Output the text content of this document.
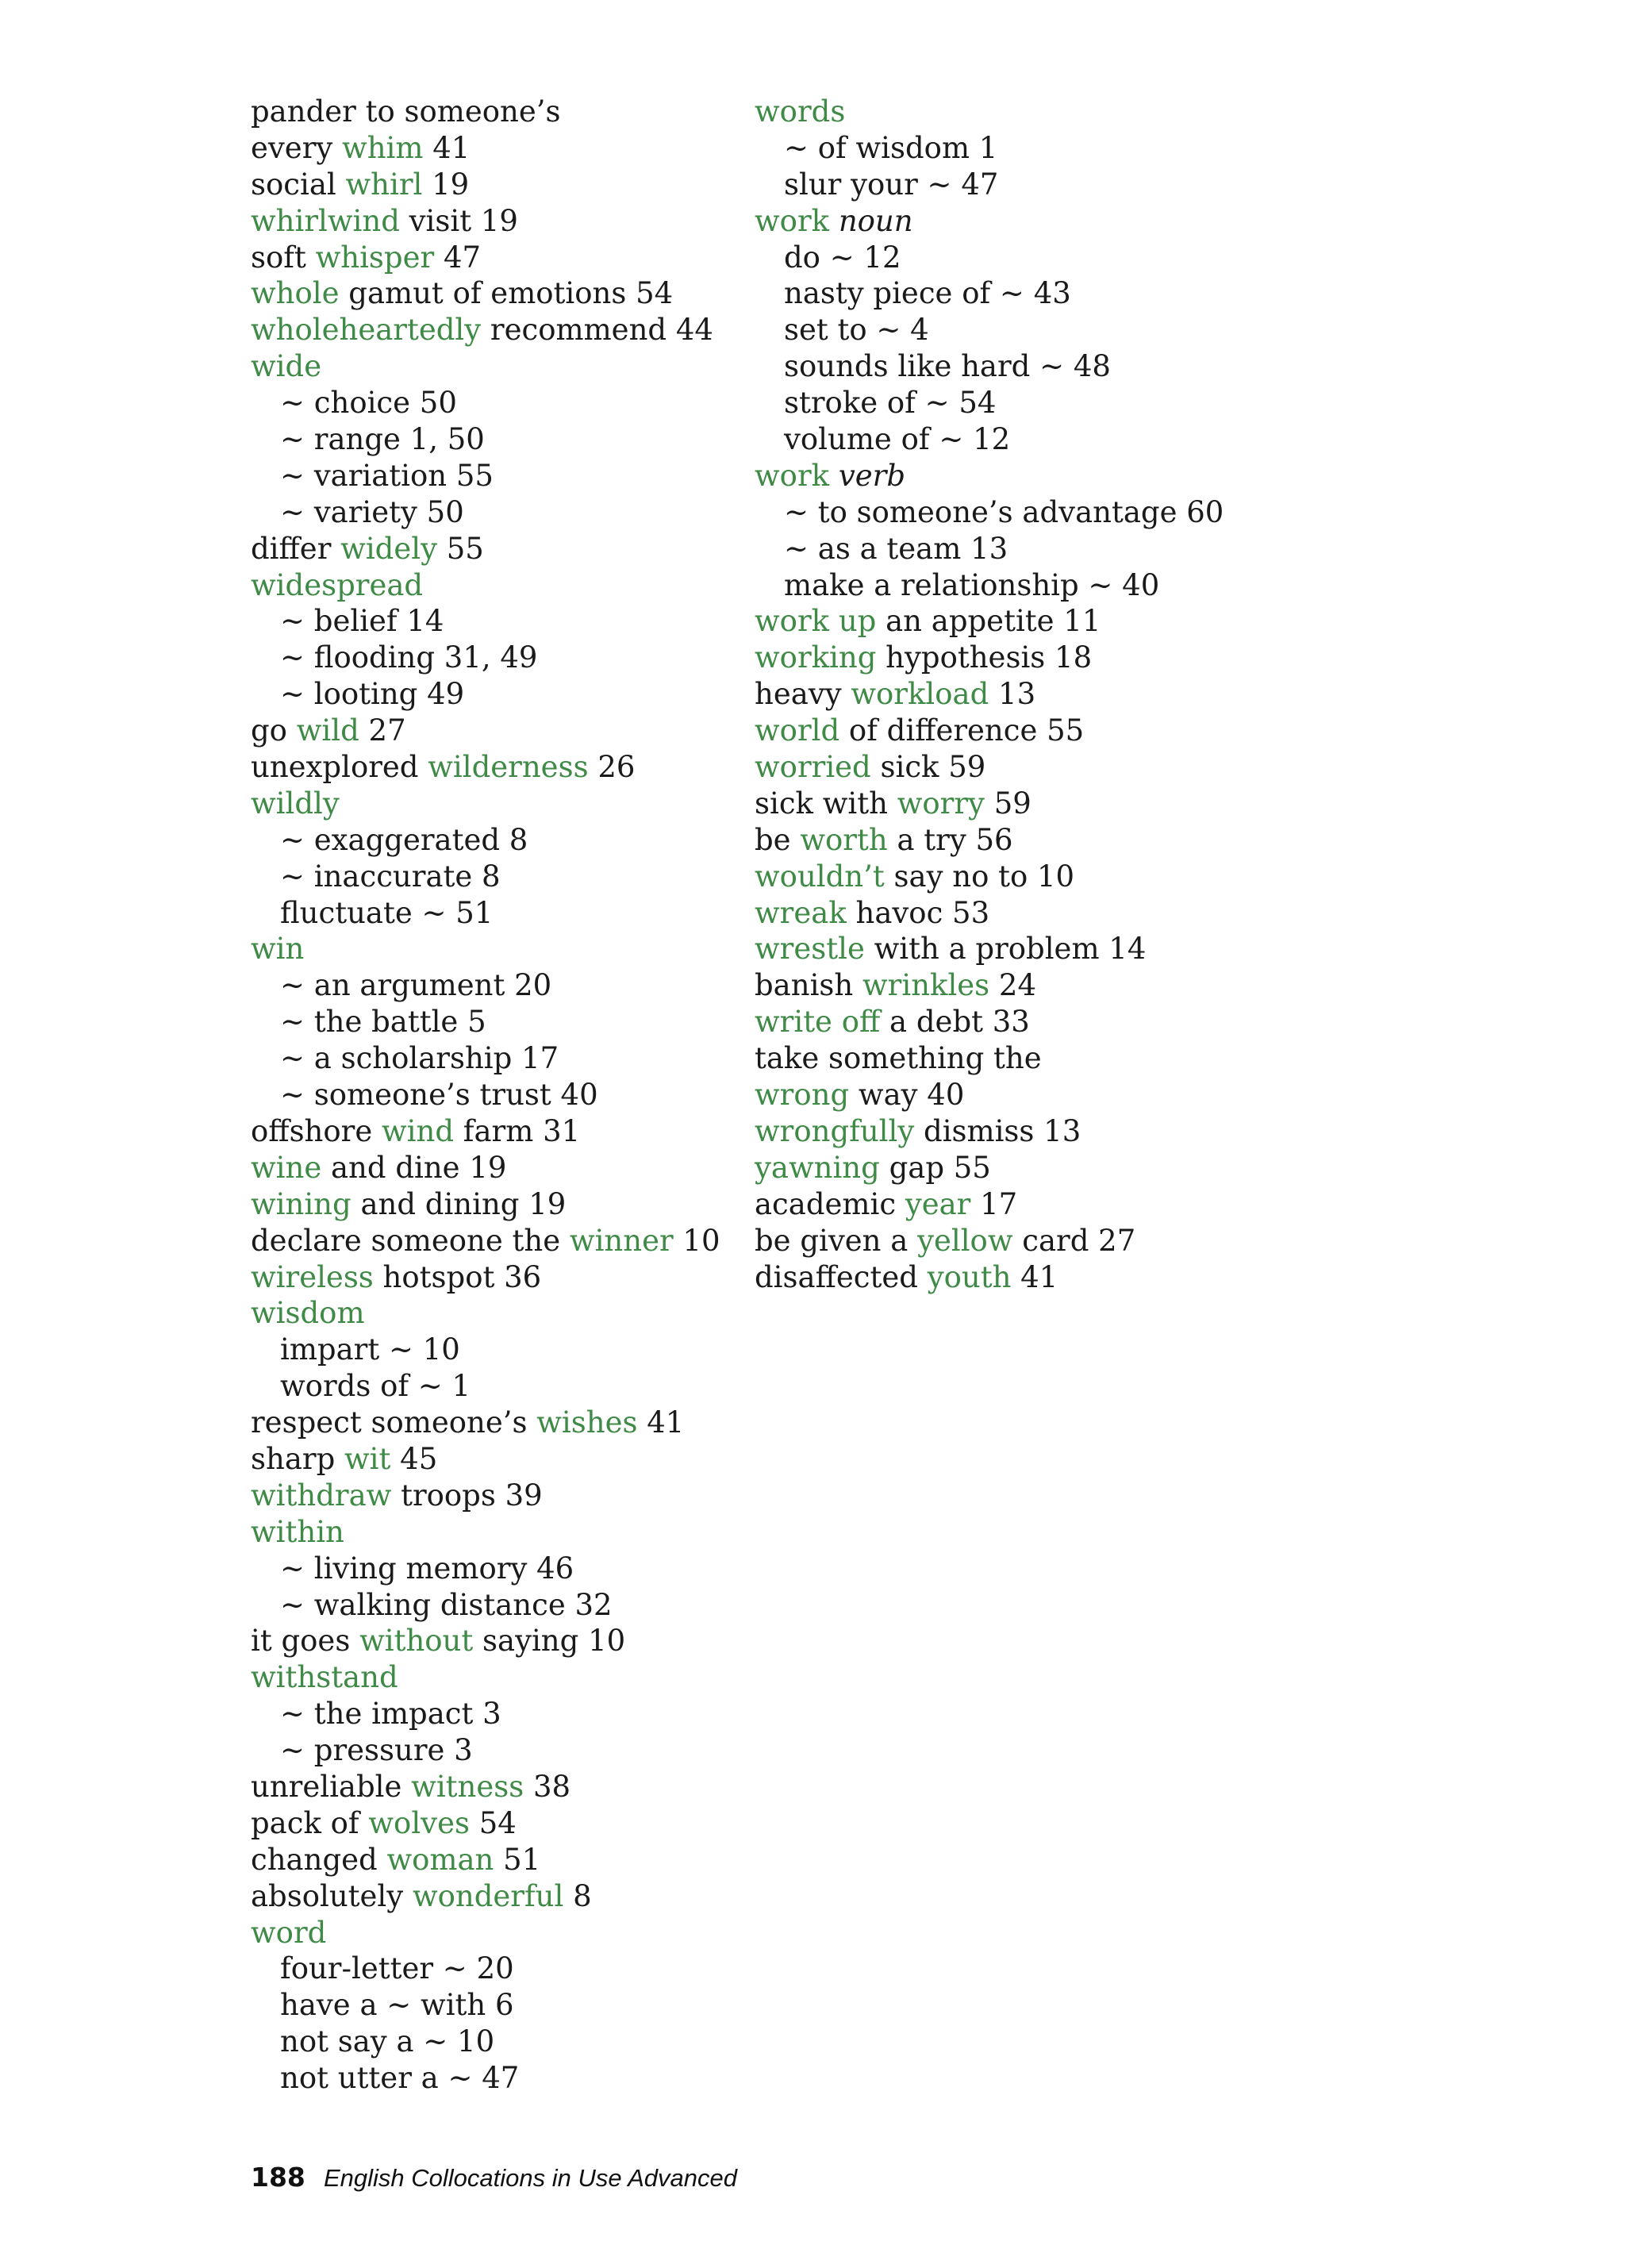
pander to someone’s
every whim 41
social whirl 19
whirlwind visit 19
soft whisper 47
whole gamut of emotions 54
wholeheartedly recommend 44
wide
~ choice 50
~ range 1, 50
~ variation 55
~ variety 50
differ widely 55
widespread
~ belief 14
~ flooding 31, 49
~ looting 49
go wild 27
unexplored wilderness 26
wildly
~ exaggerated 8
~ inaccurate 8
fluctuate ~ 51
win
~ an argument 20
~ the battle 5
~ a scholarship 17
~ someone’s trust 40
offshore wind farm 31
wine and dine 19
wining and dining 19
declare someone the winner 10
wireless hotspot 36
wisdom
impart ~ 10
words of ~ 1
respect someone’s wishes 41
sharp wit 45
withdraw troops 39
within
~ living memory 46
~ walking distance 32
it goes without saying 10
withstand
~ the impact 3
~ pressure 3
unreliable witness 38
pack of wolves 54
changed woman 51
absolutely wonderful 8
word
four-letter ~ 20
have a ~ with 6
not say a ~ 10
not utter a ~ 47
words
~ of wisdom 1
slur your ~ 47
work noun
do ~ 12
nasty piece of ~ 43
set to ~ 4
sounds like hard ~ 48
stroke of ~ 54
volume of ~ 12
work verb
~ to someone’s advantage 60
~ as a team 13
make a relationship ~ 40
work up an appetite 11
working hypothesis 18
heavy workload 13
world of difference 55
worried sick 59
sick with worry 59
be worth a try 56
wouldn’t say no to 10
wreak havoc 53
wrestle with a problem 14
banish wrinkles 24
write off a debt 33
take something the
wrong way 40
wrongfully dismiss 13
yawning gap 55
academic year 17
be given a yellow card 27
disaffected youth 41
188 English Collocations in Use Advanced
